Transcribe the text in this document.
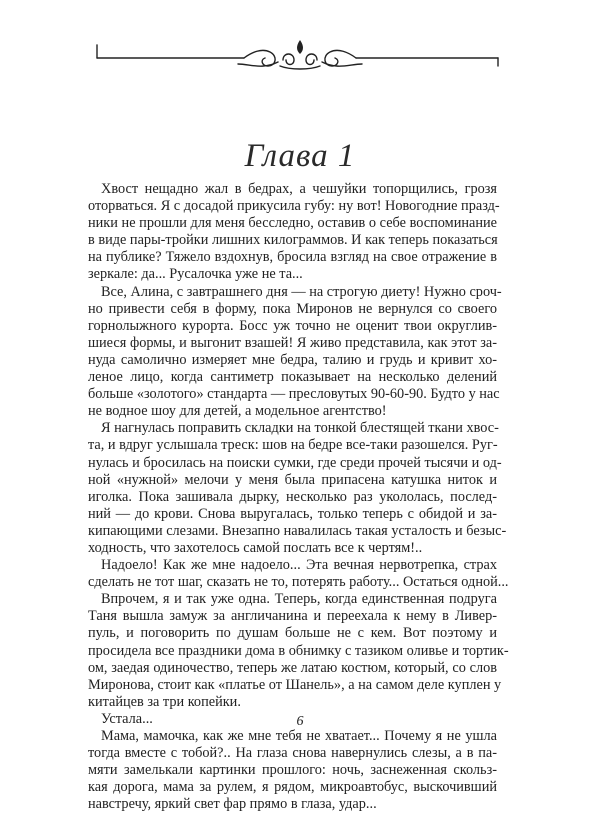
Глава 1
Хвост нещадно жал в бедрах, а чешуйки топорщились, грозя
оторваться. Я с досадой прикусила губу: ну вот! Новогодние празд-
ники не прошли для меня бесследно, оставив о себе воспоминание
в виде пары-тройки лишних килограммов. И как теперь показаться
на публике? Тяжело вздохнув, бросила взгляд на свое отражение в
зеркале: да... Русалочка уже не та...
Все, Алина, с завтрашнего дня — на строгую диету! Нужно сроч-
но привести себя в форму, пока Миронов не вернулся со своего
горнолыжного курорта. Босс уж точно не оценит твои округлив-
шиеся формы, и выгонит взашей! Я живо представила, как этот за-
нуда самолично измеряет мне бедра, талию и грудь и кривит хо-
леное лицо, когда сантиметр показывает на несколько делений
больше «золотого» стандарта — пресловутых 90-60-90. Будто у нас
не водное шоу для детей, а модельное агентство!
Я нагнулась поправить складки на тонкой блестящей ткани хвос-
та, и вдруг услышала треск: шов на бедре все-таки разошелся. Руг-
нулась и бросилась на поиски сумки, где среди прочей тысячи и од-
ной «нужной» мелочи у меня была припасена катушка ниток и
иголка. Пока зашивала дырку, несколько раз укололась, послед-
ний — до крови. Снова выругалась, только теперь с обидой и за-
кипающими слезами. Внезапно навалилась такая усталость и безыс-
ходность, что захотелось самой послать все к чертям!..
Надоело! Как же мне надоело... Эта вечная нервотрепка, страх
сделать не тот шаг, сказать не то, потерять работу... Остаться одной...
Впрочем, я и так уже одна. Теперь, когда единственная подруга
Таня вышла замуж за англичанина и переехала к нему в Ливер-
пуль, и поговорить по душам больше не с кем. Вот поэтому и
просидела все праздники дома в обнимку с тазиком оливье и тортик-
ом, заедая одиночество, теперь же латаю костюм, который, со слов
Миронова, стоит как «платье от Шанель», а на самом деле куплен у
китайцев за три копейки.
Устала...
Мама, мамочка, как же мне тебя не хватает... Почему я не ушла
тогда вместе с тобой?.. На глаза снова навернулись слезы, а в па-
мяти замелькали картинки прошлого: ночь, заснеженная скольз-
кая дорога, мама за рулем, я рядом, микроавтобус, выскочивший
навстречу, яркий свет фар прямо в глаза, удар...
6
